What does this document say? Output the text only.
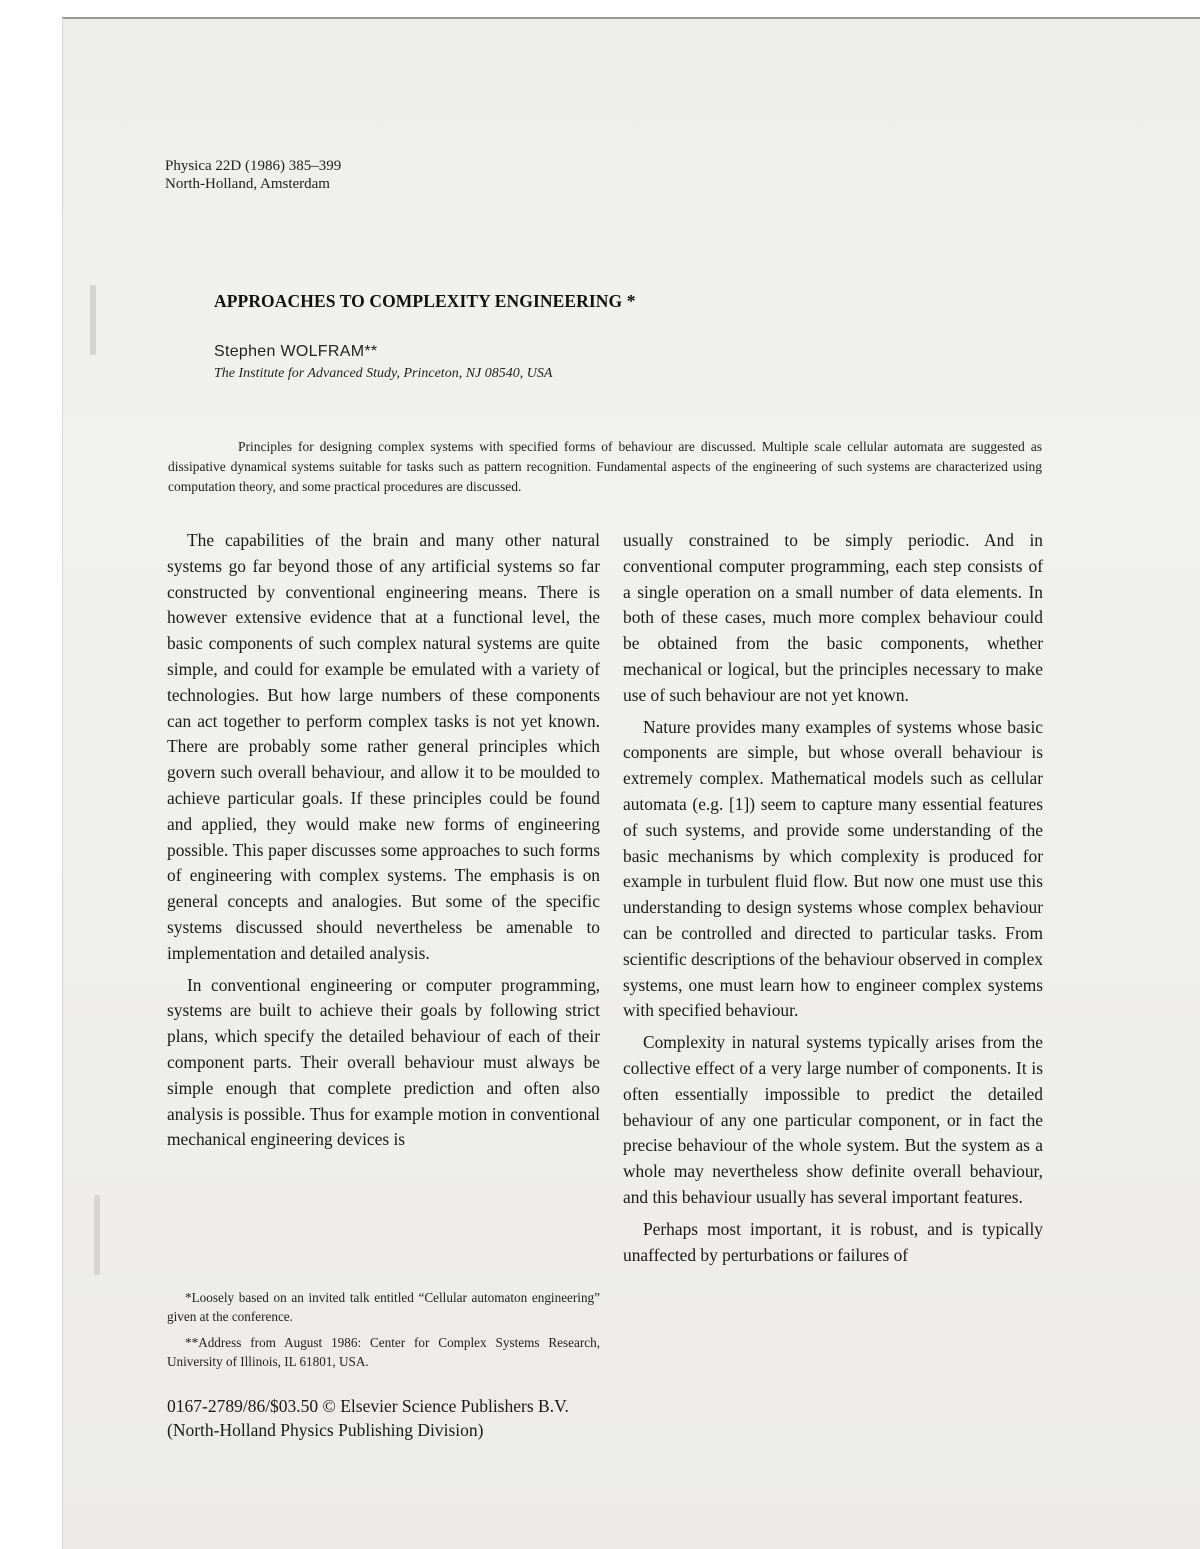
Physica 22D (1986) 385–399
North-Holland, Amsterdam
APPROACHES TO COMPLEXITY ENGINEERING *
Stephen WOLFRAM**
The Institute for Advanced Study, Princeton, NJ 08540, USA

Principles for designing complex systems with specified forms of behaviour are discussed. Multiple scale cellular automata are suggested as dissipative dynamical systems suitable for tasks such as pattern recognition. Fundamental aspects of the engineering of such systems are characterized using computation theory, and some practical procedures are discussed.

The capabilities of the brain and many other natural systems go far beyond those of any artificial systems so far constructed by conventional engineering means. There is however extensive evidence that at a functional level, the basic components of such complex natural systems are quite simple, and could for example be emulated with a variety of technologies. But how large numbers of these components can act together to perform complex tasks is not yet known. There are probably some rather general principles which govern such overall behaviour, and allow it to be moulded to achieve particular goals. If these principles could be found and applied, they would make new forms of engineering possible. This paper discusses some approaches to such forms of engineering with complex systems. The emphasis is on general concepts and analogies. But some of the specific systems discussed should nevertheless be amenable to implementation and detailed analysis.

In conventional engineering or computer programming, systems are built to achieve their goals by following strict plans, which specify the detailed behaviour of each of their component parts. Their overall behaviour must always be simple enough that complete prediction and often also analysis is possible. Thus for example motion in conventional mechanical engineering devices is

usually constrained to be simply periodic. And in conventional computer programming, each step consists of a single operation on a small number of data elements. In both of these cases, much more complex behaviour could be obtained from the basic components, whether mechanical or logical, but the principles necessary to make use of such behaviour are not yet known.

Nature provides many examples of systems whose basic components are simple, but whose overall behaviour is extremely complex. Mathematical models such as cellular automata (e.g. [1]) seem to capture many essential features of such systems, and provide some understanding of the basic mechanisms by which complexity is produced for example in turbulent fluid flow. But now one must use this understanding to design systems whose complex behaviour can be controlled and directed to particular tasks. From scientific descriptions of the behaviour observed in complex systems, one must learn how to engineer complex systems with specified behaviour.

Complexity in natural systems typically arises from the collective effect of a very large number of components. It is often essentially impossible to predict the detailed behaviour of any one particular component, or in fact the precise behaviour of the whole system. But the system as a whole may nevertheless show definite overall behaviour, and this behaviour usually has several important features.

Perhaps most important, it is robust, and is typically unaffected by perturbations or failures of

*Loosely based on an invited talk entitled “Cellular automaton engineering” given at the conference.

**Address from August 1986: Center for Complex Systems Research, University of Illinois, IL 61801, USA.

0167-2789/86/$03.50 © Elsevier Science Publishers B.V.
(North-Holland Physics Publishing Division)
